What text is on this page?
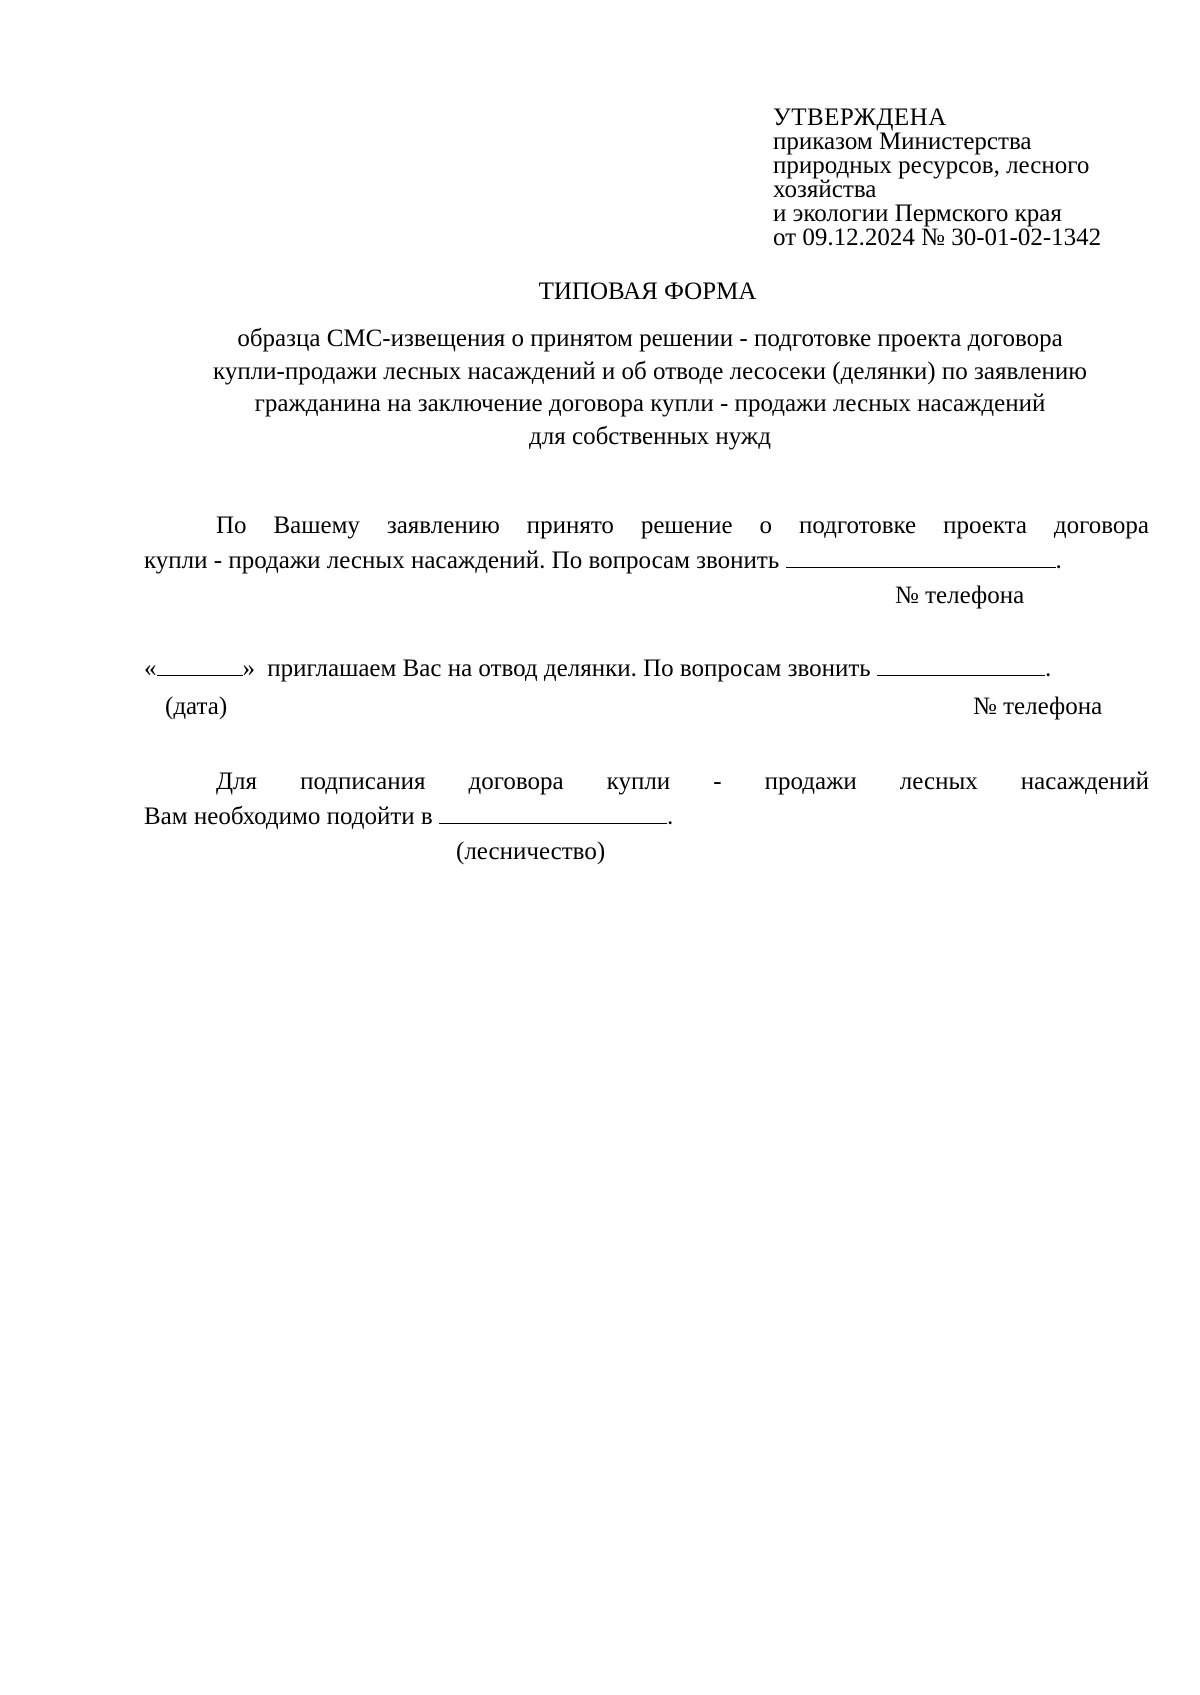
УТВЕРЖДЕНА
приказом Министерства
природных ресурсов, лесного
хозяйства
и экологии Пермского края
от 09.12.2024 № 30-01-02-1342
ТИПОВАЯ ФОРМА
образца СМС-извещения о принятом решении - подготовке проекта договора
купли-продажи лесных насаждений и об отводе лесосеки (делянки) по заявлению
гражданина на заключение договора купли - продажи лесных насаждений
для собственных нужд
По Вашему заявлению принято решение о подготовке проекта договора
купли - продажи лесных насаждений. По вопросам звонить	.
№ телефона
«	» приглашаем Вас на отвод делянки. По вопросам звонить	.
(дата)	№ телефона
Для подписания договора купли - продажи лесных насаждений
Вам необходимо подойти в	.
(лесничество)
